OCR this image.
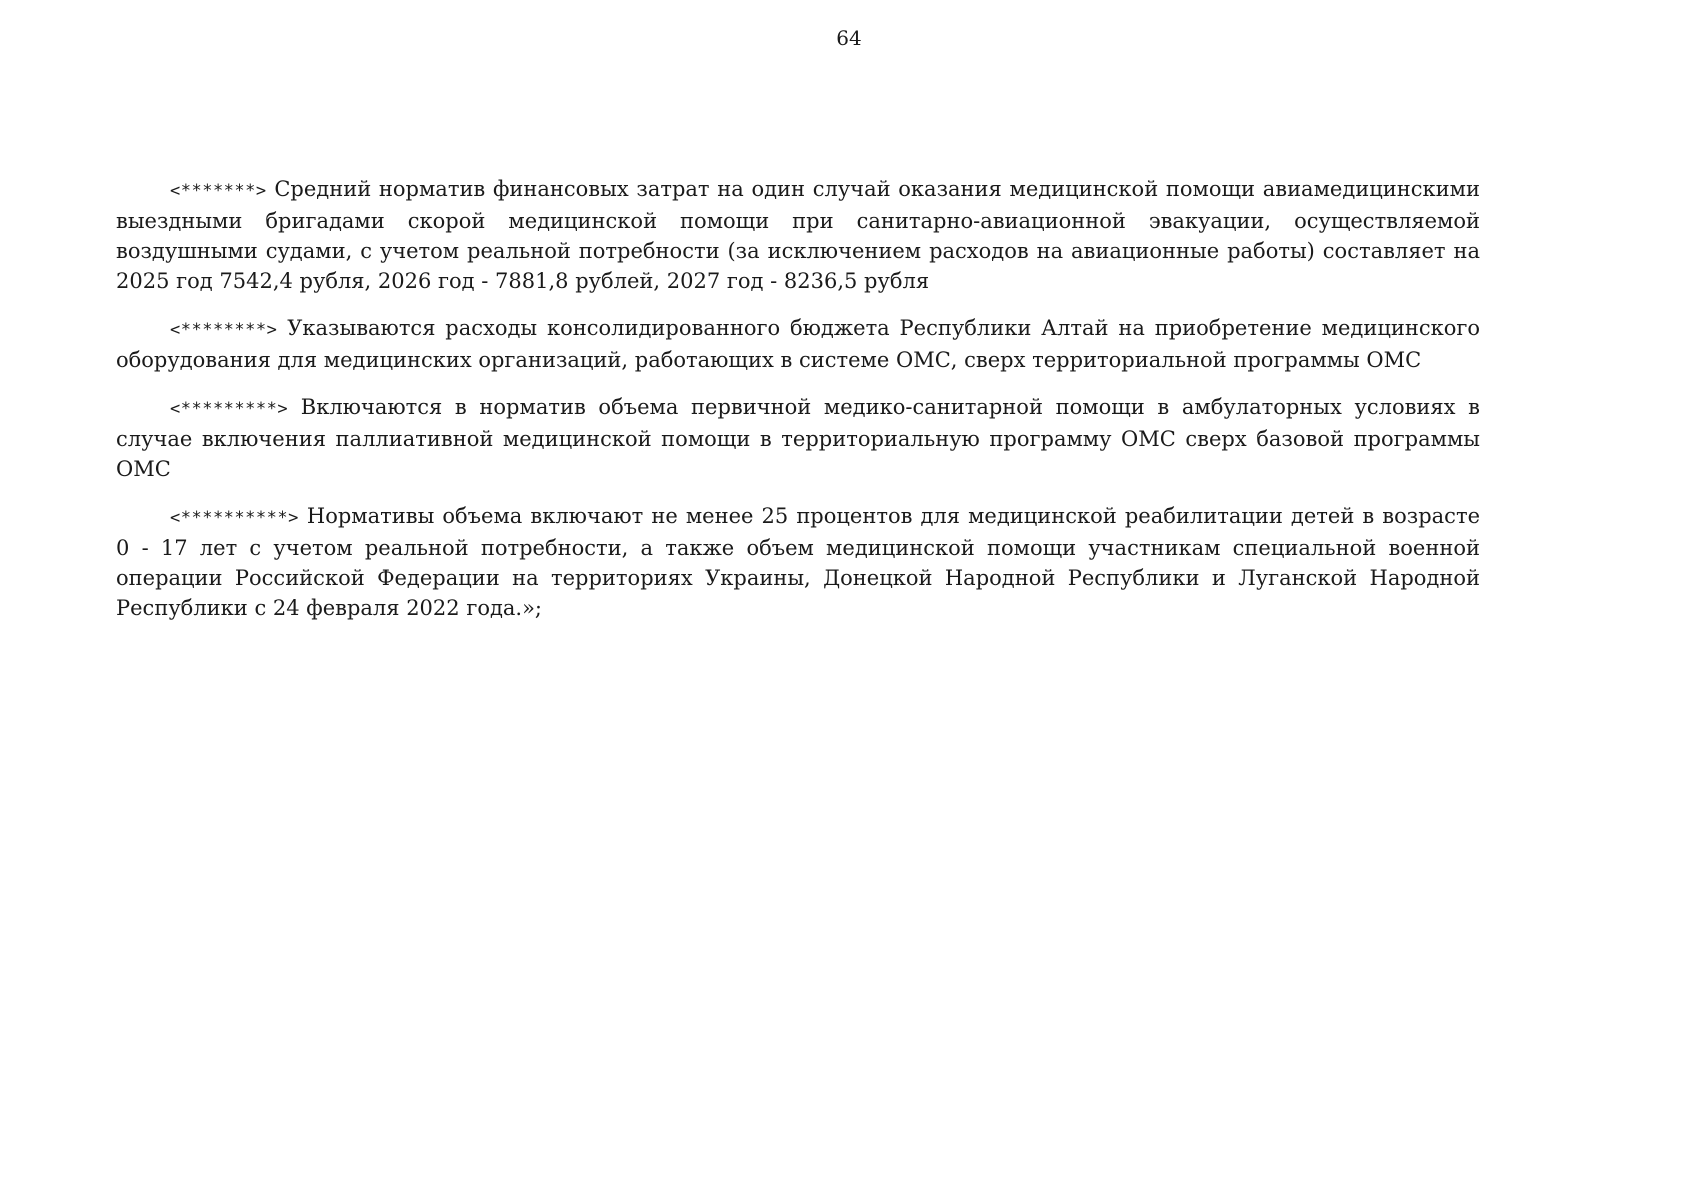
64

<*******> Средний норматив финансовых затрат на один случай оказания медицинской помощи авиамедицинскими выездными бригадами скорой медицинской помощи при санитарно-авиационной эвакуации, осуществляемой воздушными судами, с учетом реальной потребности (за исключением расходов на авиационные работы) составляет на 2025 год 7542,4 рубля, 2026 год - 7881,8 рублей, 2027 год - 8236,5 рубля

<********> Указываются расходы консолидированного бюджета Республики Алтай на приобретение медицинского оборудования для медицинских организаций, работающих в системе ОМС, сверх территориальной программы ОМС

<*********> Включаются в норматив объема первичной медико-санитарной помощи в амбулаторных условиях в случае включения паллиативной медицинской помощи в территориальную программу ОМС сверх базовой программы ОМС

<**********> Нормативы объема включают не менее 25 процентов для медицинской реабилитации детей в возрасте 0 - 17 лет с учетом реальной потребности, а также объем медицинской помощи участникам специальной военной операции Российской Федерации на территориях Украины, Донецкой Народной Республики и Луганской Народной Республики с 24 февраля 2022 года.»;
